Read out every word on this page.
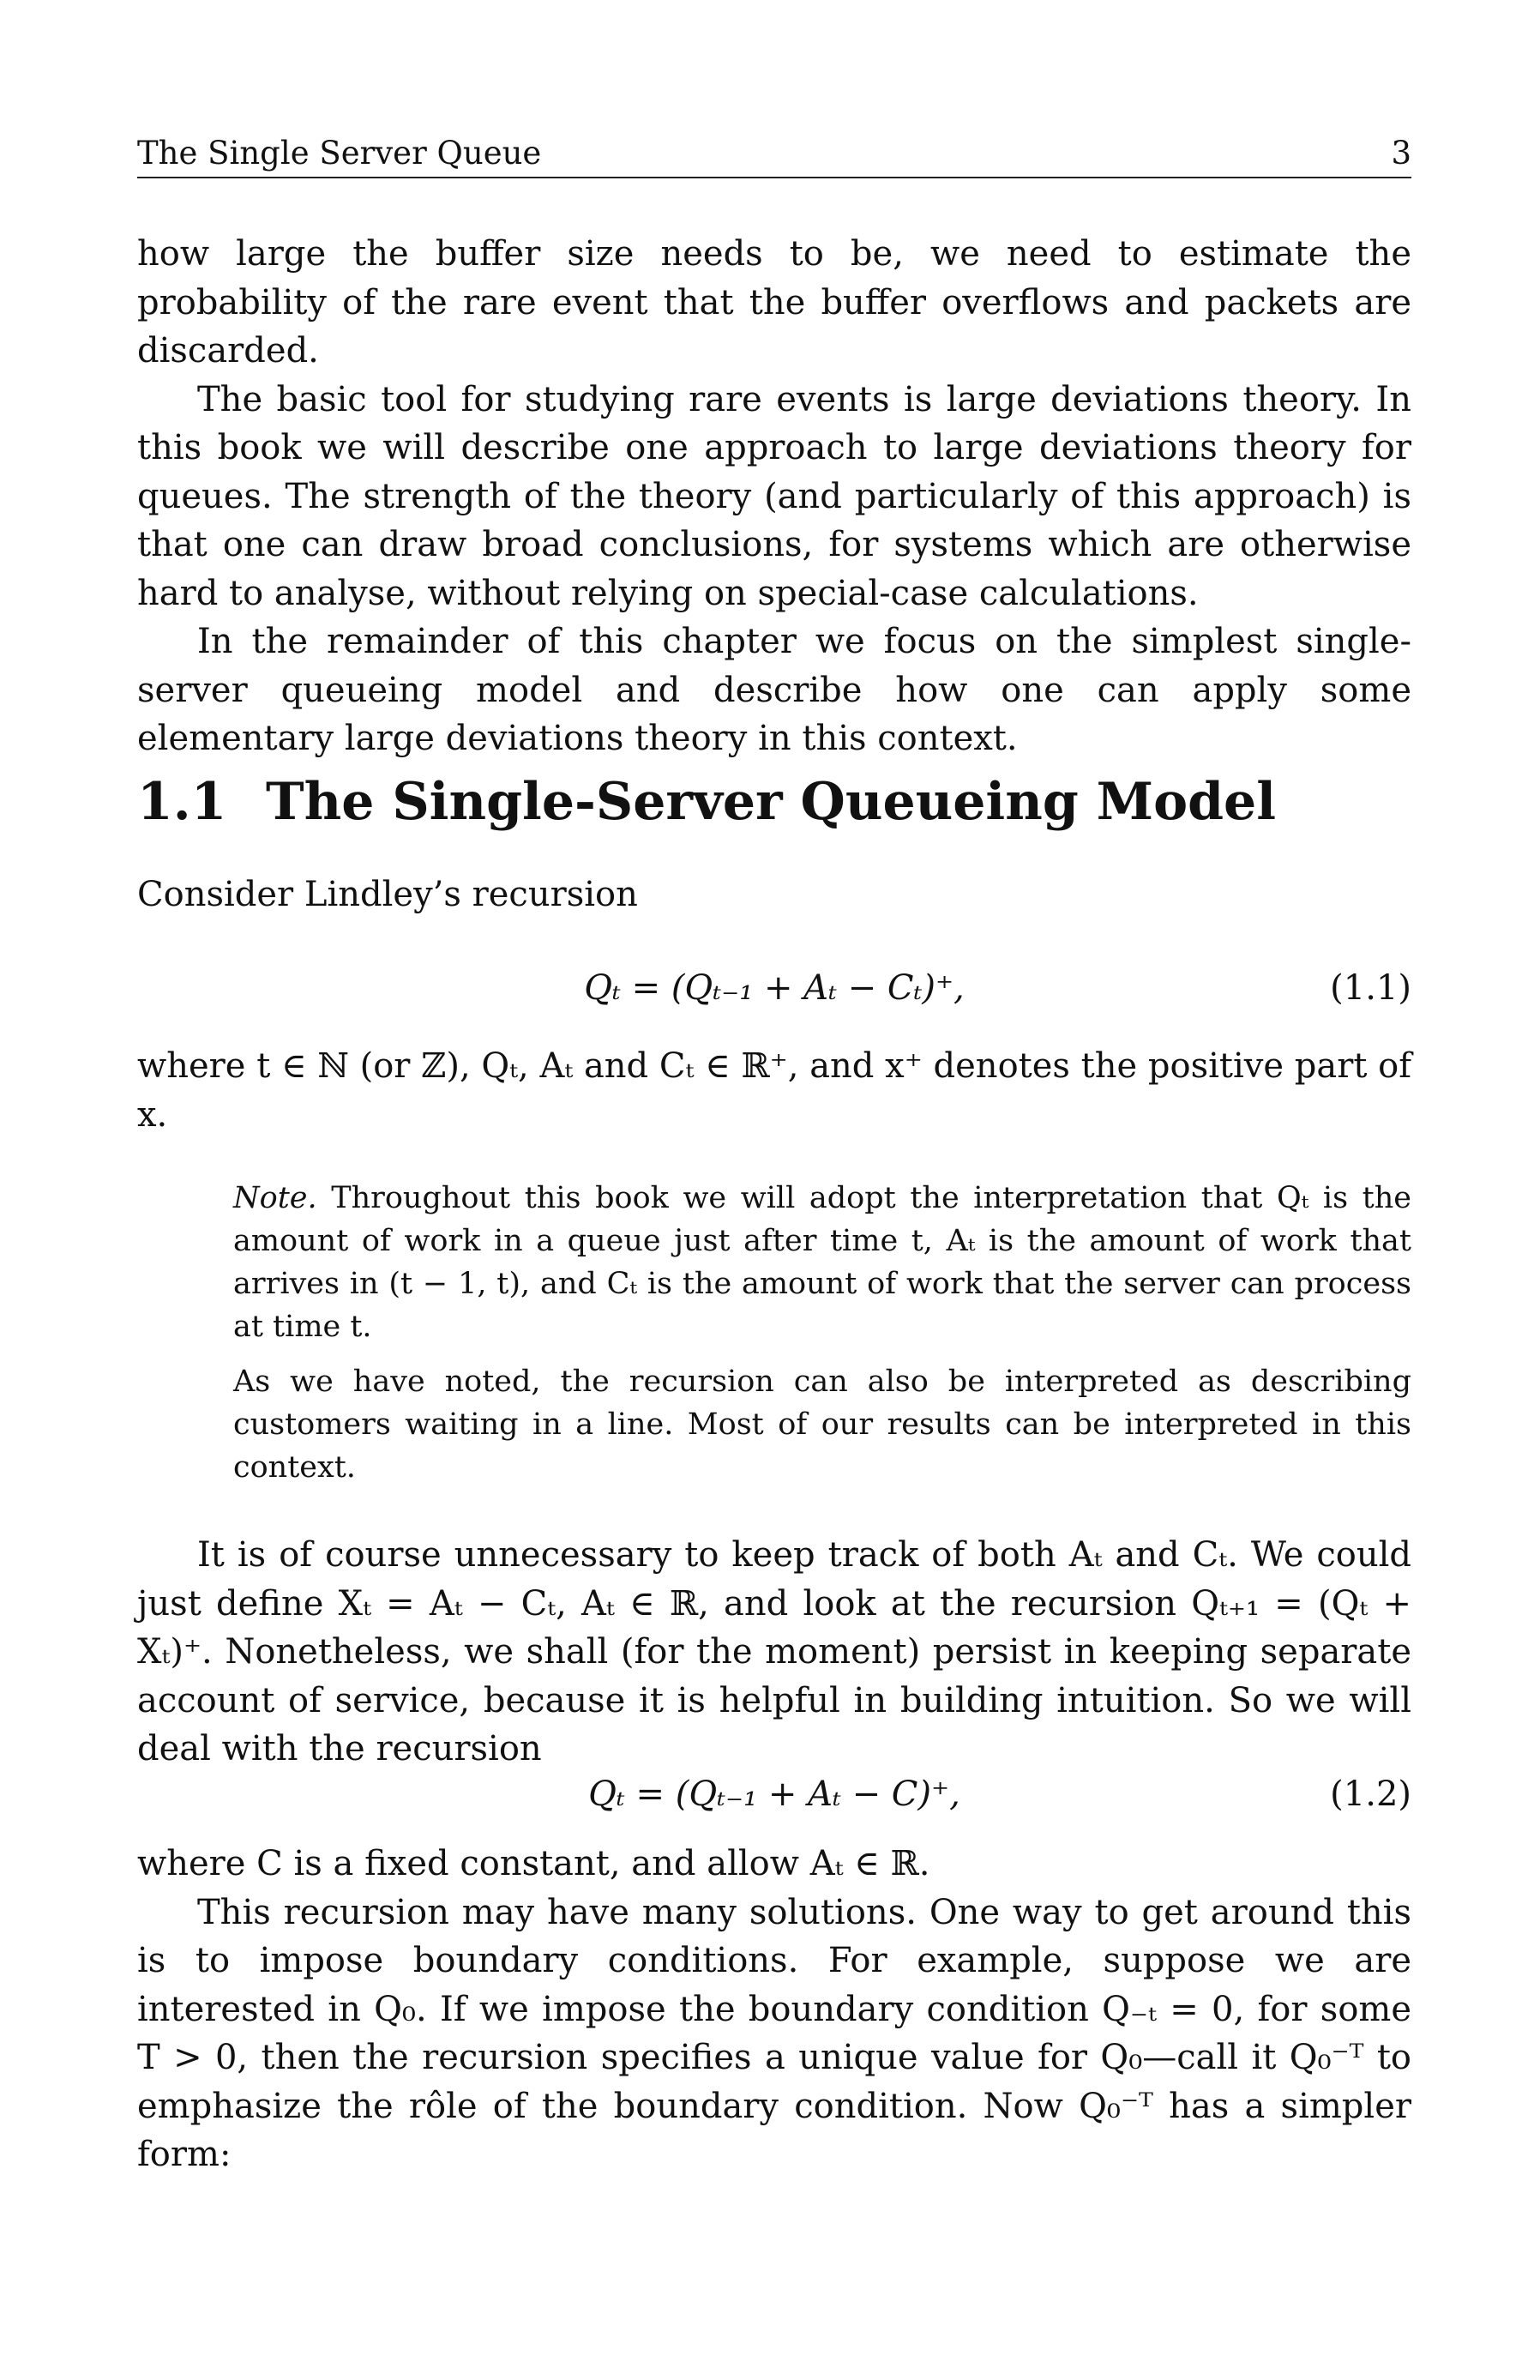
The Single Server Queue	3

how large the buffer size needs to be, we need to estimate the probability of the rare event that the buffer overflows and packets are discarded.

The basic tool for studying rare events is large deviations theory. In this book we will describe one approach to large deviations theory for queues. The strength of the theory (and particularly of this approach) is that one can draw broad conclusions, for systems which are otherwise hard to analyse, without relying on special-case calculations.

In the remainder of this chapter we focus on the simplest single-server queueing model and describe how one can apply some elementary large deviations theory in this context.

1.1 The Single-Server Queueing Model

Consider Lindley’s recursion

Qₜ = (Qₜ₋₁ + Aₜ − Cₜ)⁺,	(1.1)

where t ∈ ℕ (or ℤ), Qₜ, Aₜ and Cₜ ∈ ℝ⁺, and x⁺ denotes the positive part of x.

Note. Throughout this book we will adopt the interpretation that Qₜ is the amount of work in a queue just after time t, Aₜ is the amount of work that arrives in (t − 1, t), and Cₜ is the amount of work that the server can process at time t.

As we have noted, the recursion can also be interpreted as describing customers waiting in a line. Most of our results can be interpreted in this context.

It is of course unnecessary to keep track of both Aₜ and Cₜ. We could just define Xₜ = Aₜ − Cₜ, Aₜ ∈ ℝ, and look at the recursion Qₜ₊₁ = (Qₜ + Xₜ)⁺. Nonetheless, we shall (for the moment) persist in keeping separate account of service, because it is helpful in building intuition. So we will deal with the recursion

Qₜ = (Qₜ₋₁ + Aₜ − C)⁺,	(1.2)

where C is a fixed constant, and allow Aₜ ∈ ℝ.

This recursion may have many solutions. One way to get around this is to impose boundary conditions. For example, suppose we are interested in Q₀. If we impose the boundary condition Q₋ₜ = 0, for some T > 0, then the recursion specifies a unique value for Q₀—call it Q₀⁻ᵀ to emphasize the rôle of the boundary condition. Now Q₀⁻ᵀ has a simpler form:
